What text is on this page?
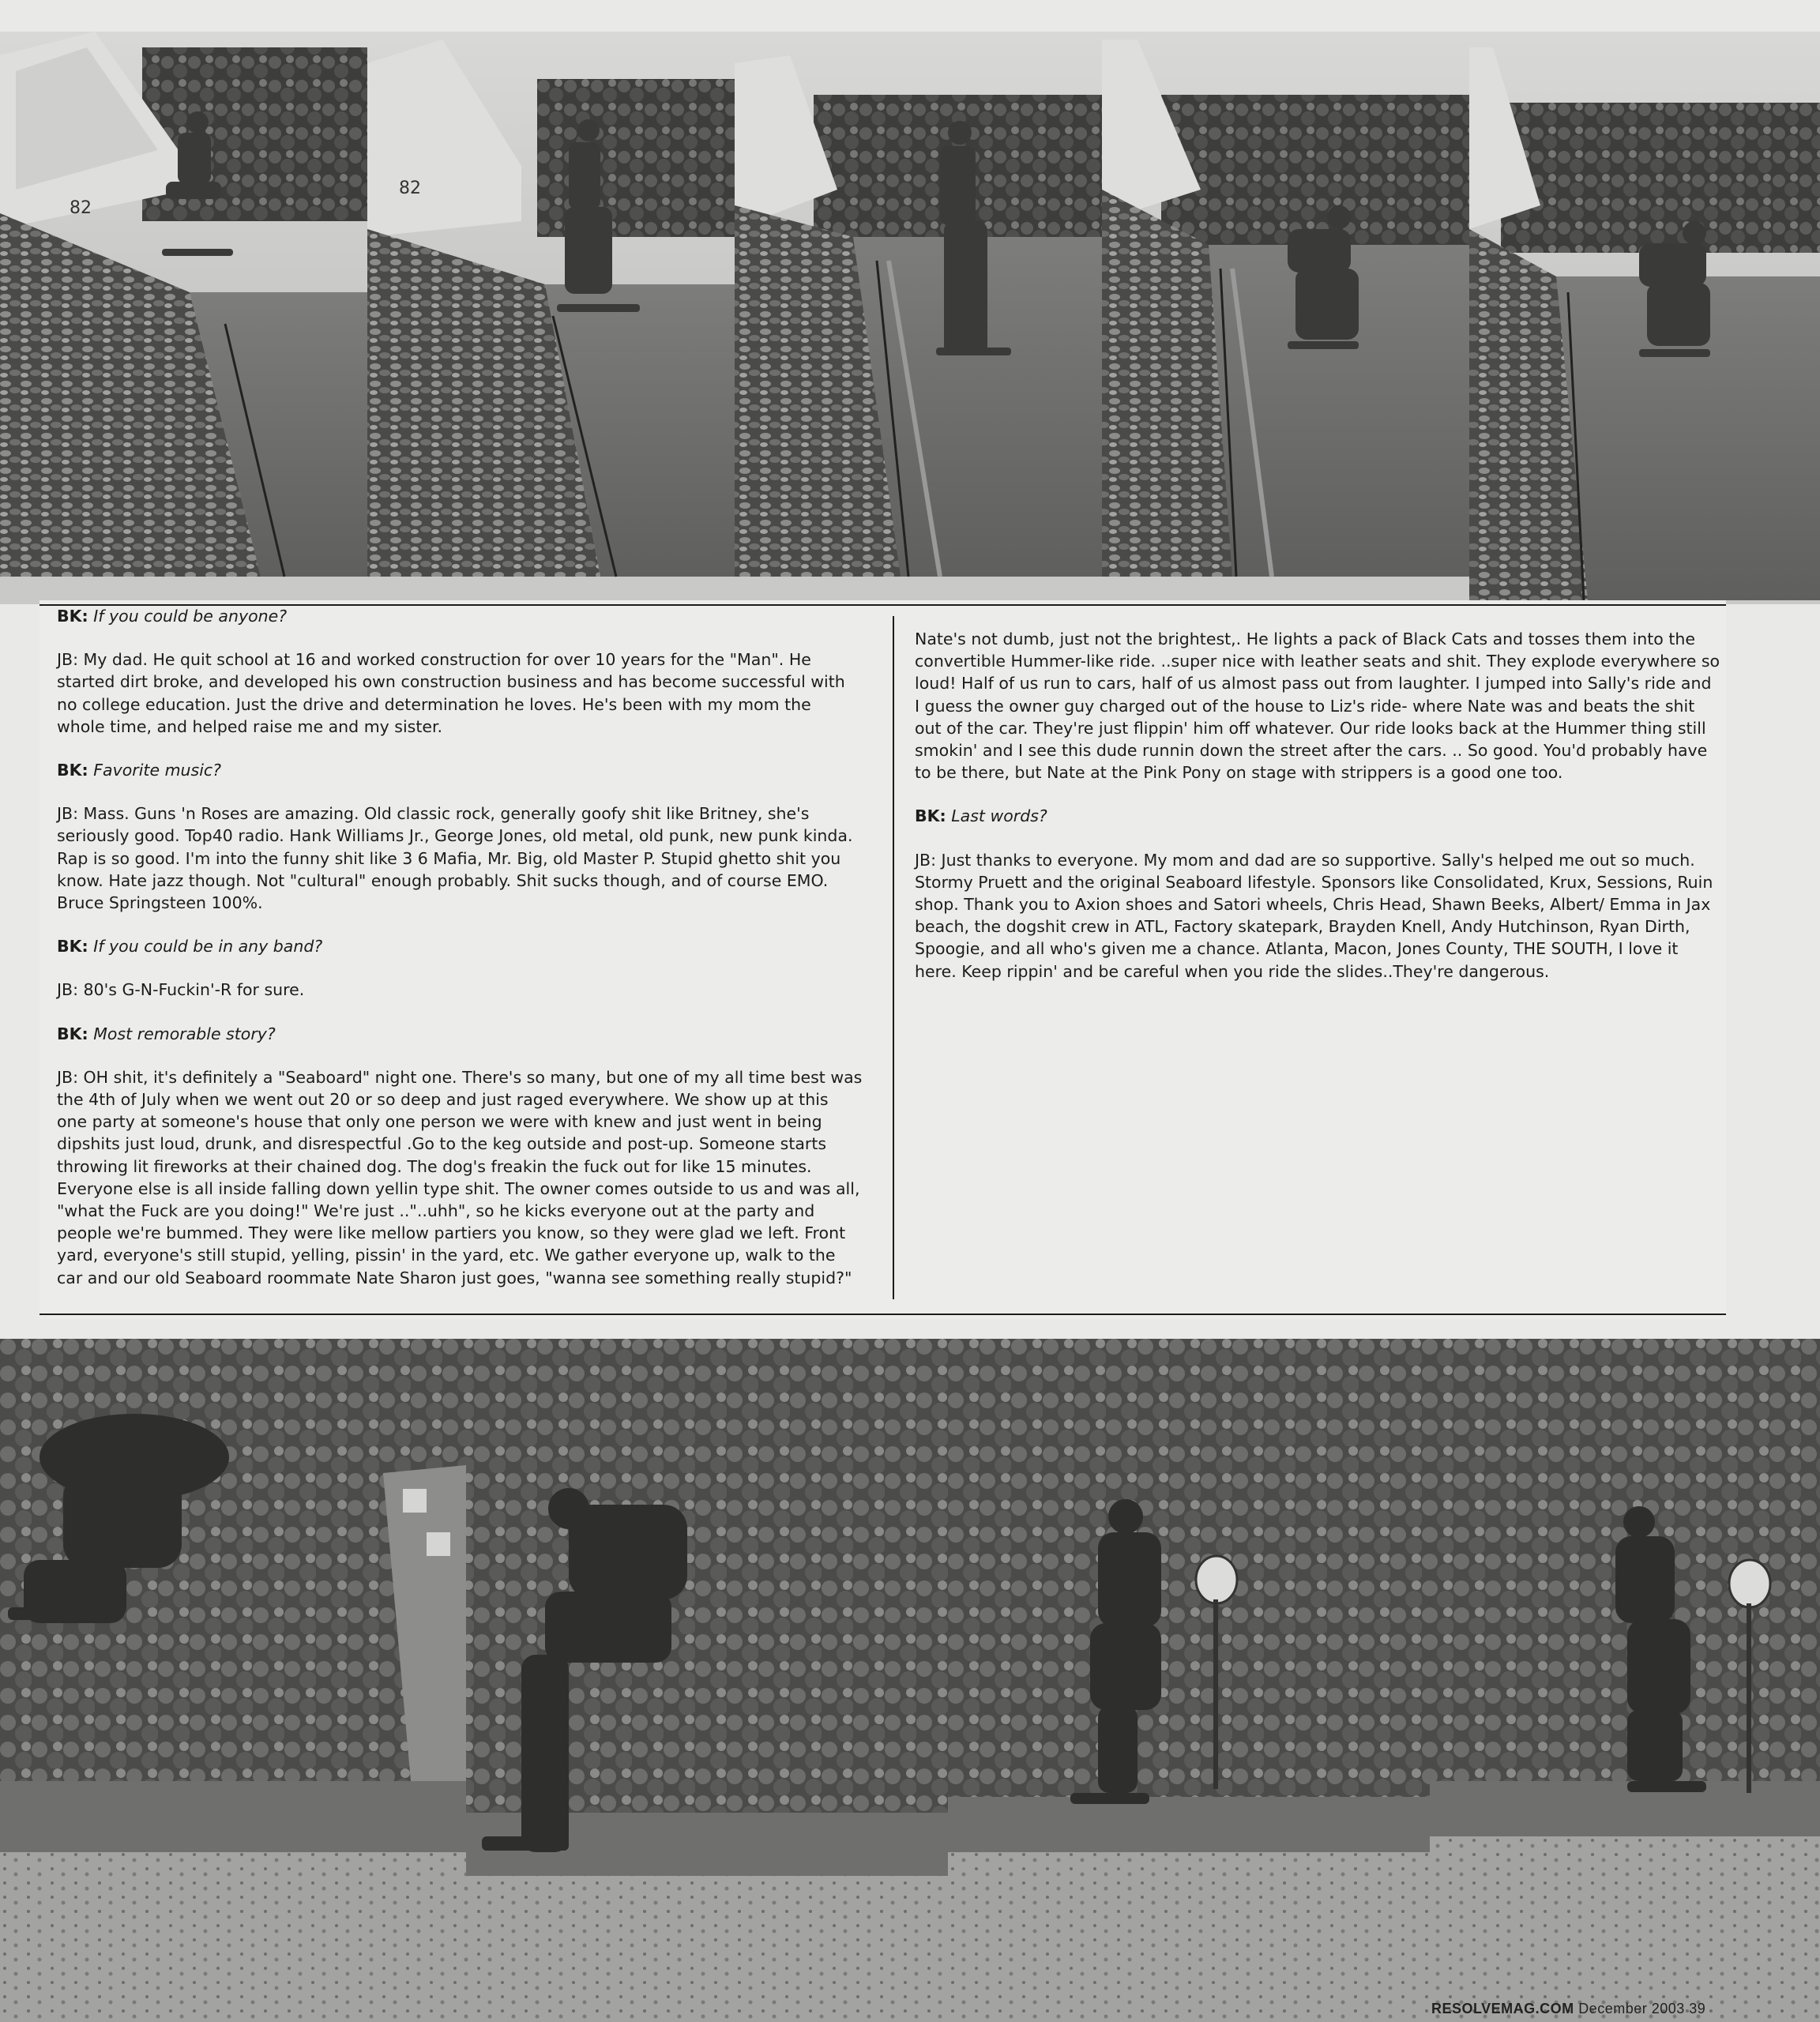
82
82

BK: If you could be anyone?

JB: My dad. He quit school at 16 and worked construction for over 10 years for the "Man". He started dirt broke, and developed his own construction business and has become successful with no college education. Just the drive and determination he loves. He's been with my mom the whole time, and helped raise me and my sister.

BK: Favorite music?

JB: Mass. Guns 'n Roses are amazing. Old classic rock, generally goofy shit like Britney, she's seriously good. Top40 radio. Hank Williams Jr., George Jones, old metal, old punk, new punk kinda. Rap is so good. I'm into the funny shit like 3 6 Mafia, Mr. Big, old Master P. Stupid ghetto shit you know. Hate jazz though. Not "cultural" enough probably. Shit sucks though, and of course EMO. Bruce Springsteen 100%.

BK: If you could be in any band?

JB: 80's G-N-Fuckin'-R for sure.

BK: Most remorable story?

JB: OH shit, it's definitely a "Seaboard" night one. There's so many, but one of my all time best was the 4th of July when we went out 20 or so deep and just raged everywhere. We show up at this one party at someone's house that only one person we were with knew and just went in being dipshits just loud, drunk, and disrespectful .Go to the keg outside and post-up. Someone starts throwing lit fireworks at their chained dog. The dog's freakin the fuck out for like 15 minutes. Everyone else is all inside falling down yellin type shit. The owner comes outside to us and was all, "what the Fuck are you doing!" We're just .."..uhh", so he kicks everyone out at the party and people we're bummed. They were like mellow partiers you know, so they were glad we left. Front yard, everyone's still stupid, yelling, pissin' in the yard, etc. We gather everyone up, walk to the car and our old Seaboard roommate Nate Sharon just goes, "wanna see something really stupid?"

Nate's not dumb, just not the brightest,. He lights a pack of Black Cats and tosses them into the convertible Hummer-like ride. ..super nice with leather seats and shit. They explode everywhere so loud! Half of us run to cars, half of us almost pass out from laughter. I jumped into Sally's ride and I guess the owner guy charged out of the house to Liz's ride- where Nate was and beats the shit out of the car. They're just flippin' him off whatever. Our ride looks back at the Hummer thing still smokin' and I see this dude runnin down the street after the cars. .. So good. You'd probably have to be there, but Nate at the Pink Pony on stage with strippers is a good one too.

BK: Last words?

JB: Just thanks to everyone. My mom and dad are so supportive. Sally's helped me out so much. Stormy Pruett and the original Seaboard lifestyle. Sponsors like Consolidated, Krux, Sessions, Ruin shop. Thank you to Axion shoes and Satori wheels, Chris Head, Shawn Beeks, Albert/ Emma in Jax beach, the dogshit crew in ATL, Factory skatepark, Brayden Knell, Andy Hutchinson, Ryan Dirth, Spoogie, and all who's given me a chance. Atlanta, Macon, Jones County, THE SOUTH, I love it here. Keep rippin' and be careful when you ride the slides..They're dangerous.

RESOLVEMAG.COM December 2003 39
